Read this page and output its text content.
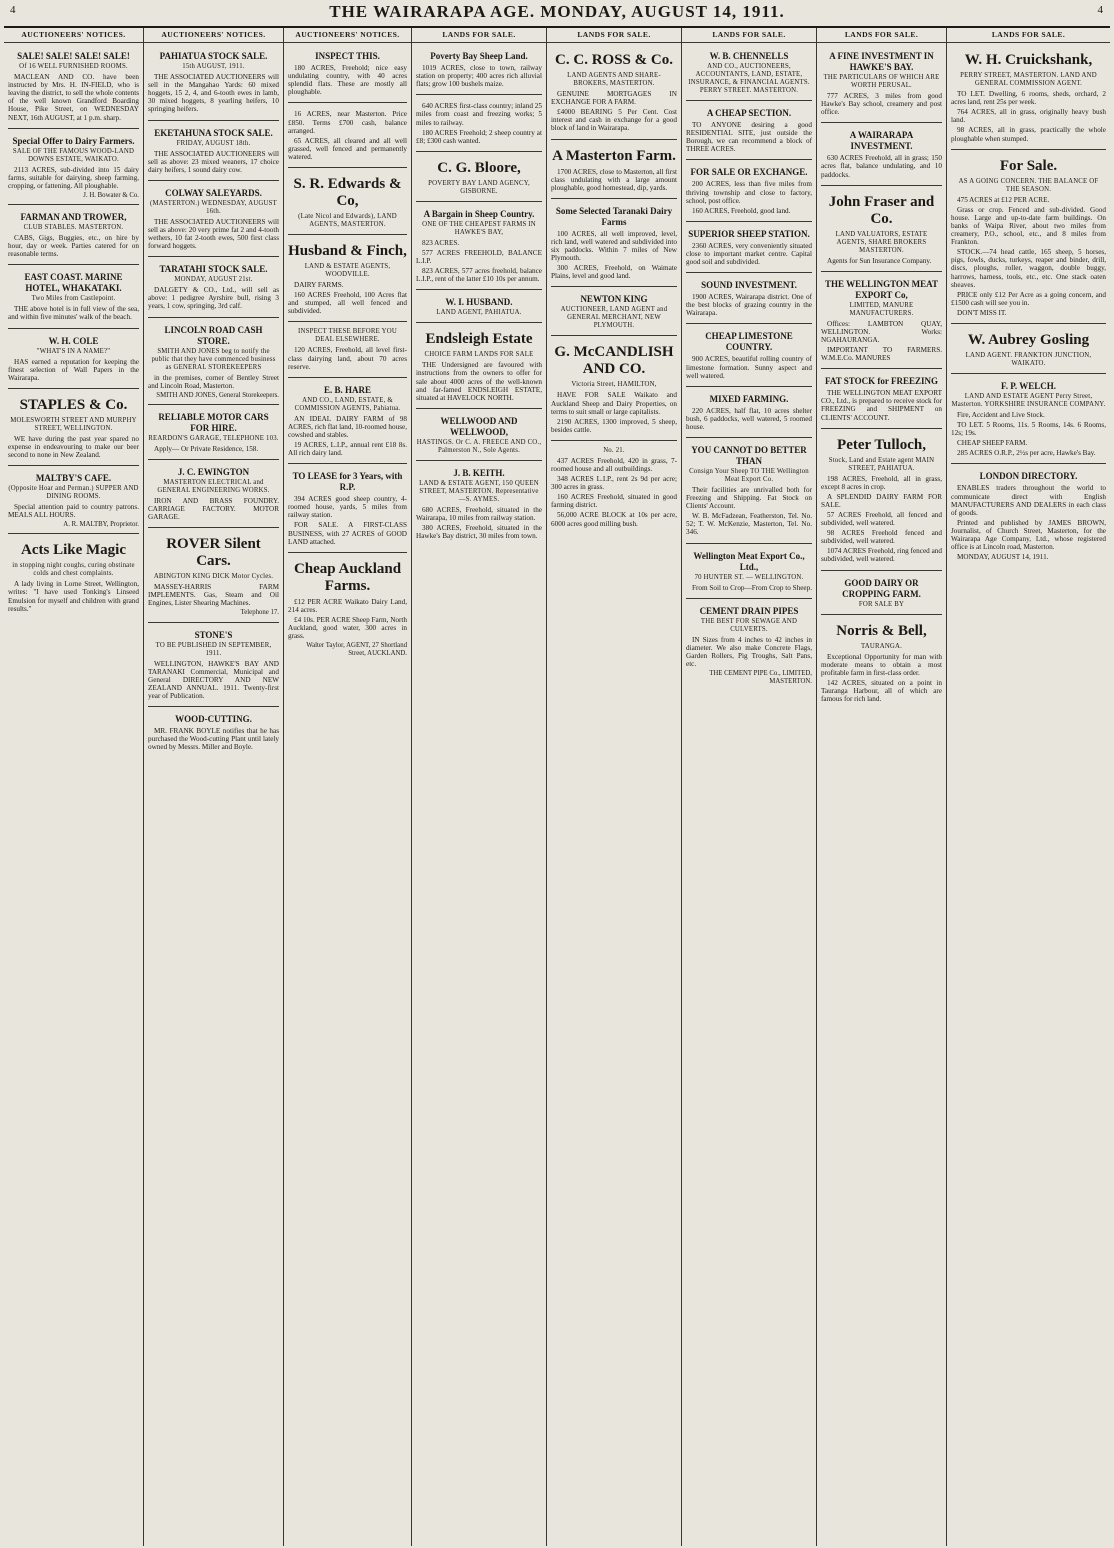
4	THE WAIRARAPA AGE. MONDAY, AUGUST 14, 1911.	4
AUCTIONEERS' NOTICES.
SALE! SALE! SALE! SALE!
Of 16 WELL FURNISHED ROOMS.

MACLEAN AND CO. have been instructed by Mrs. H. IN-FIELD, who is leaving the district, to sell the whole contents of the well known Grandford Boarding House, Pike Street, on WEDNESDAY NEXT, 16th AUGUST, at 1 p.m. sharp.

Special Offer to Dairy Farmers.
SALE OF THE FAMOUS WOOD-LAND DOWNS ESTATE, WAIKATO.

2113 ACRES, sub-divided into 15 dairy farms, suitable for dairying, sheep farming, cropping, or fattening. All ploughable.

J. H. Bowater & Co.
FARMAN AND TROWER,
CLUB STABLES. MASTERTON.

CABS, Gigs, Buggies, etc., on hire by hour, day or week. Parties catered for on reasonable terms.

EAST COAST. MARINE HOTEL, WHAKATAKI.
Two Miles from Castlepoint.

THE above hotel is in full view of the sea, and within five minutes' walk of the beach.

W. H. COLE
"WHAT'S IN A NAME?"

HAS earned a reputation for keeping the finest selection of Wall Papers in the Wairarapa.

STAPLES & Co.
MOLESWORTH STREET AND MURPHY STREET, WELLINGTON.

WE have during the past year spared no expense in endeavouring to make our beer second to none in New Zealand.

MALTBY'S CAFE.
(Opposite Hoar and Perman.) SUPPER AND DINING ROOMS.

Special attention paid to country patrons. MEALS ALL HOURS.

A. R. MALTBY, Proprietor.
Acts Like Magic
in stopping night coughs, curing obstinate colds and chest complaints.

A lady living in Lorne Street, Wellington, writes: "I have used Tonking's Linseed Emulsion for myself and children with grand results."

AUCTIONEERS' NOTICES.
PAHIATUA STOCK SALE.
15th AUGUST, 1911.

THE ASSOCIATED AUCTIONEERS will sell in the Mangahao Yards: 60 mixed hoggets, 15 2, 4, and 6-tooth ewes in lamb, 30 mixed hoggets, 8 yearling heifers, 10 springing heifers.

EKETAHUNA STOCK SALE.
FRIDAY, AUGUST 18th.

THE ASSOCIATED AUCTIONEERS will sell as above: 23 mixed weaners, 17 choice dairy heifers, 1 sound dairy cow.

COLWAY SALEYARDS.
(MASTERTON.) WEDNESDAY, AUGUST 16th.

THE ASSOCIATED AUCTIONEERS will sell as above: 20 very prime fat 2 and 4-tooth wethers, 10 fat 2-tooth ewes, 500 first class forward hoggets.

TARATAHI STOCK SALE.
MONDAY, AUGUST 21st.

DALGETY & CO., Ltd., will sell as above: 1 pedigree Ayrshire bull, rising 3 years, 1 cow, springing, 3rd calf.

LINCOLN ROAD CASH STORE.
SMITH AND JONES beg to notify the public that they have commenced business as GENERAL STOREKEEPERS

in the premises, corner of Bentley Street and Lincoln Road, Masterton.

SMITH AND JONES, General Storekeepers.
RELIABLE MOTOR CARS FOR HIRE.
REARDON'S GARAGE, TELEPHONE 103.

Apply— Or Private Residence, 158.

J. C. EWINGTON
MASTERTON ELECTRICAL and GENERAL ENGINEERING WORKS.

IRON AND BRASS FOUNDRY. CARRIAGE FACTORY. MOTOR GARAGE.

ROVER Silent Cars.
ABINGTON KING DICK Motor Cycles.

MASSEY-HARRIS FARM IMPLEMENTS. Gas, Steam and Oil Engines, Lister Shearing Machines.

Telephone 17.
STONE'S
TO BE PUBLISHED IN SEPTEMBER, 1911.

WELLINGTON, HAWKE'S BAY AND TARANAKI Commercial, Municipal and General DIRECTORY AND NEW ZEALAND ANNUAL. 1911. Twenty-first year of Publication.

WOOD-CUTTING.

MR. FRANK BOYLE notifies that he has purchased the Wood-cutting Plant until lately owned by Messrs. Miller and Boyle.

AUCTIONEERS' NOTICES.
INSPECT THIS.

180 ACRES, Freehold; nice easy undulating country, with 40 acres splendid flats. These are mostly all ploughable.

16 ACRES, near Masterton. Price £850. Terms £700 cash, balance arranged.

65 ACRES, all cleared and all well grassed, well fenced and permanently watered.

S. R. Edwards & Co,
(Late Nicol and Edwards), LAND AGENTS, MASTERTON.
Husband & Finch,
LAND & ESTATE AGENTS, WOODVILLE.

DAIRY FARMS.

160 ACRES Freehold, 100 Acres flat and stumped, all well fenced and subdivided.

INSPECT THESE BEFORE YOU DEAL ELSEWHERE.

120 ACRES, Freehold, all level first-class dairying land, about 70 acres reserve.

E. B. HARE
AND CO., LAND, ESTATE, & COMMISSION AGENTS, Pahiatua.

AN IDEAL DAIRY FARM of 98 ACRES, rich flat land, 10-roomed house, cowshed and stables.

19 ACRES, L.I.P., annual rent £18 8s. All rich dairy land.

TO LEASE for 3 Years, with R.P.

394 ACRES good sheep country, 4-roomed house, yards, 5 miles from railway station.

FOR SALE. A FIRST-CLASS BUSINESS, with 27 ACRES of GOOD LAND attached.

Cheap Auckland Farms.

£12 PER ACRE Waikato Dairy Land, 214 acres.

£4 10s. PER ACRE Sheep Farm, North Auckland, good water, 300 acres in grass.

Walter Taylor, AGENT, 27 Shortland Street, AUCKLAND.
LANDS FOR SALE.
Poverty Bay Sheep Land.

1019 ACRES, close to town, railway station on property; 400 acres rich alluvial flats; grow 100 bushels maize.

640 ACRES first-class country; inland 25 miles from coast and freezing works; 5 miles to railway.

180 ACRES Freehold; 2 sheep country at £8; £300 cash wanted.

C. G. Bloore,
POVERTY BAY LAND AGENCY, GISBORNE.
A Bargain in Sheep Country.
ONE OF THE CHEAPEST FARMS IN HAWKE'S BAY,

823 ACRES.

577 ACRES FREEHOLD, BALANCE L.I.P.

823 ACRES, 577 acres freehold, balance L.I.P., rent of the latter £10 10s per annum.

W. I. HUSBAND.
LAND AGENT, PAHIATUA.
Endsleigh Estate
CHOICE FARM LANDS FOR SALE

THE Undersigned are favoured with instructions from the owners to offer for sale about 4000 acres of the well-known and far-famed ENDSLEIGH ESTATE, situated at HAVELOCK NORTH.

WELLWOOD AND WELLWOOD,
HASTINGS. Or C. A. FREECE AND CO., Palmerston N., Sole Agents.
J. B. KEITH.
LAND & ESTATE AGENT, 150 QUEEN STREET, MASTERTON. Representative—S. AYMES.

680 ACRES, Freehold, situated in the Wairarapa, 10 miles from railway station.

380 ACRES, Freehold, situated in the Hawke's Bay district, 30 miles from town.

LANDS FOR SALE.
C. C. ROSS & Co.
LAND AGENTS AND SHARE-BROKERS, MASTERTON.

GENUINE MORTGAGES IN EXCHANGE FOR A FARM.

£4000 BEARING 5 Per Cent. Cost interest and cash in exchange for a good block of land in Wairarapa.

A Masterton Farm.

1700 ACRES, close to Masterton, all first class undulating with a large amount ploughable, good homestead, dip, yards.

Some Selected Taranaki Dairy Farms

100 ACRES, all well improved, level, rich land, well watered and subdivided into six paddocks. Within 7 miles of New Plymouth.

300 ACRES, Freehold, on Waimate Plains, level and good land.

NEWTON KING
AUCTIONEER, LAND AGENT and GENERAL MERCHANT, NEW PLYMOUTH.
G. McCANDLISH AND CO.
Victoria Street, HAMILTON,

HAVE FOR SALE Waikato and Auckland Sheep and Dairy Properties, on terms to suit small or large capitalists.

2190 ACRES, 1300 improved, 5 sheep, besides cattle.

No. 21.

437 ACRES Freehold, 420 in grass, 7-roomed house and all outbuildings.

348 ACRES L.I.P., rent 2s 9d per acre; 300 acres in grass.

160 ACRES Freehold, situated in good farming district.

56,000 ACRE BLOCK at 10s per acre, 6000 acres good milling bush.

LANDS FOR SALE.
W. B. CHENNELLS
AND CO., AUCTIONEERS, ACCOUNTANTS, LAND, ESTATE, INSURANCE, & FINANCIAL AGENTS. PERRY STREET. MASTERTON.
A CHEAP SECTION.

TO ANYONE desiring a good RESIDENTIAL SITE, just outside the Borough, we can recommend a block of THREE ACRES.

FOR SALE OR EXCHANGE.

200 ACRES, less than five miles from thriving township and close to factory, school, post office.

160 ACRES, Freehold, good land.

SUPERIOR SHEEP STATION.

2360 ACRES, very conveniently situated close to important market centre. Capital good soil and subdivided.

SOUND INVESTMENT.

1900 ACRES, Wairarapa district. One of the best blocks of grazing country in the Wairarapa.

CHEAP LIMESTONE COUNTRY.

900 ACRES, beautiful rolling country of limestone formation. Sunny aspect and well watered.

MIXED FARMING.

220 ACRES, half flat, 10 acres shelter bush, 6 paddocks, well watered, 5 roomed house.

YOU CANNOT DO BETTER THAN
Consign Your Sheep TO THE Wellington Meat Export Co.

Their facilities are unrivalled both for Freezing and Shipping. Fat Stock on Clients' Account.

W. B. McFadzean, Featherston, Tel. No. 52; T. W. McKenzie, Masterton, Tel. No. 346.

Wellington Meat Export Co., Ltd.,
70 HUNTER ST. — WELLINGTON.

From Soil to Crop—From Crop to Sheep.

CEMENT DRAIN PIPES
THE BEST FOR SEWAGE AND CULVERTS.

IN Sizes from 4 inches to 42 inches in diameter. We also make Concrete Flags, Garden Rollers, Pig Troughs, Salt Pans, etc.

THE CEMENT PIPE Co., LIMITED, MASTERTON.
LANDS FOR SALE.
A FINE INVESTMENT IN HAWKE'S BAY.
THE PARTICULARS OF WHICH ARE WORTH PERUSAL.

777 ACRES, 3 miles from good Hawke's Bay school, creamery and post office.

A WAIRARAPA INVESTMENT.

630 ACRES Freehold, all in grass; 150 acres flat, balance undulating, and 10 paddocks.

John Fraser and Co.
LAND VALUATORS, ESTATE AGENTS, SHARE BROKERS MASTERTON.

Agents for Sun Insurance Company.

THE WELLINGTON MEAT EXPORT Co,
LIMITED, MANURE MANUFACTURERS.

Offices: LAMBTON QUAY, WELLINGTON. Works: NGAHAURANGA.

IMPORTANT TO FARMERS. W.M.E.Co. MANURES

FAT STOCK for FREEZING

THE WELLINGTON MEAT EXPORT CO., Ltd., is prepared to receive stock for FREEZING and SHIPMENT on CLIENTS' ACCOUNT.

Peter Tulloch,
Stock, Land and Estate agent MAIN STREET, PAHIATUA.

198 ACRES, Freehold, all in grass, except 8 acres in crop.

A SPLENDID DAIRY FARM FOR SALE.

57 ACRES Freehold, all fenced and subdivided, well watered.

98 ACRES Freehold fenced and subdivided, well watered.

1074 ACRES Freehold, ring fenced and subdivided, well watered.

GOOD DAIRY OR CROPPING FARM.
FOR SALE BY
Norris & Bell,
TAURANGA.

Exceptional Opportunity for man with moderate means to obtain a most profitable farm in first-class order.

142 ACRES, situated on a point in Tauranga Harbour, all of which are famous for rich land.

LANDS FOR SALE.
W. H. Cruickshank,
PERRY STREET, MASTERTON. LAND AND GENERAL COMMISSION AGENT.

TO LET. Dwelling, 6 rooms, sheds, orchard, 2 acres land, rent 25s per week.

764 ACRES, all in grass, originally heavy bush land.

98 ACRES, all in grass, practically the whole ploughable when stumped.

For Sale.
AS A GOING CONCERN. THE BALANCE OF THE SEASON.

475 ACRES at £12 PER ACRE.

Grass or crop. Fenced and sub-divided. Good house. Large and up-to-date farm buildings. On banks of Waipa River, about two miles from creamery, P.O., school, etc., and 8 miles from Frankton.

STOCK.—74 head cattle, 165 sheep, 5 horses, pigs, fowls, ducks, turkeys, reaper and binder, drill, discs, ploughs, roller, waggon, double buggy, harrows, harness, tools, etc., etc. One stack oaten sheaves.

PRICE only £12 Per Acre as a going concern, and £1500 cash will see you in.

DON'T MISS IT.

W. Aubrey Gosling
LAND AGENT. FRANKTON JUNCTION, WAIKATO.
F. P. WELCH.
LAND AND ESTATE AGENT Perry Street, Masterton. YORKSHIRE INSURANCE COMPANY.

Fire, Accident and Live Stock.

TO LET. 5 Rooms, 11s. 5 Rooms, 14s. 6 Rooms, 12s; 19s.

CHEAP SHEEP FARM.

285 ACRES O.R.P., 2½s per acre, Hawke's Bay.

LONDON DIRECTORY.

ENABLES traders throughout the world to communicate direct with English MANUFACTURERS AND DEALERS in each class of goods.

Printed and published by JAMES BROWN, Journalist, of Church Street, Masterton, for the Wairarapa Age Company, Ltd., whose registered office is at Lincoln road, Masterton.

MONDAY, AUGUST 14, 1911.
